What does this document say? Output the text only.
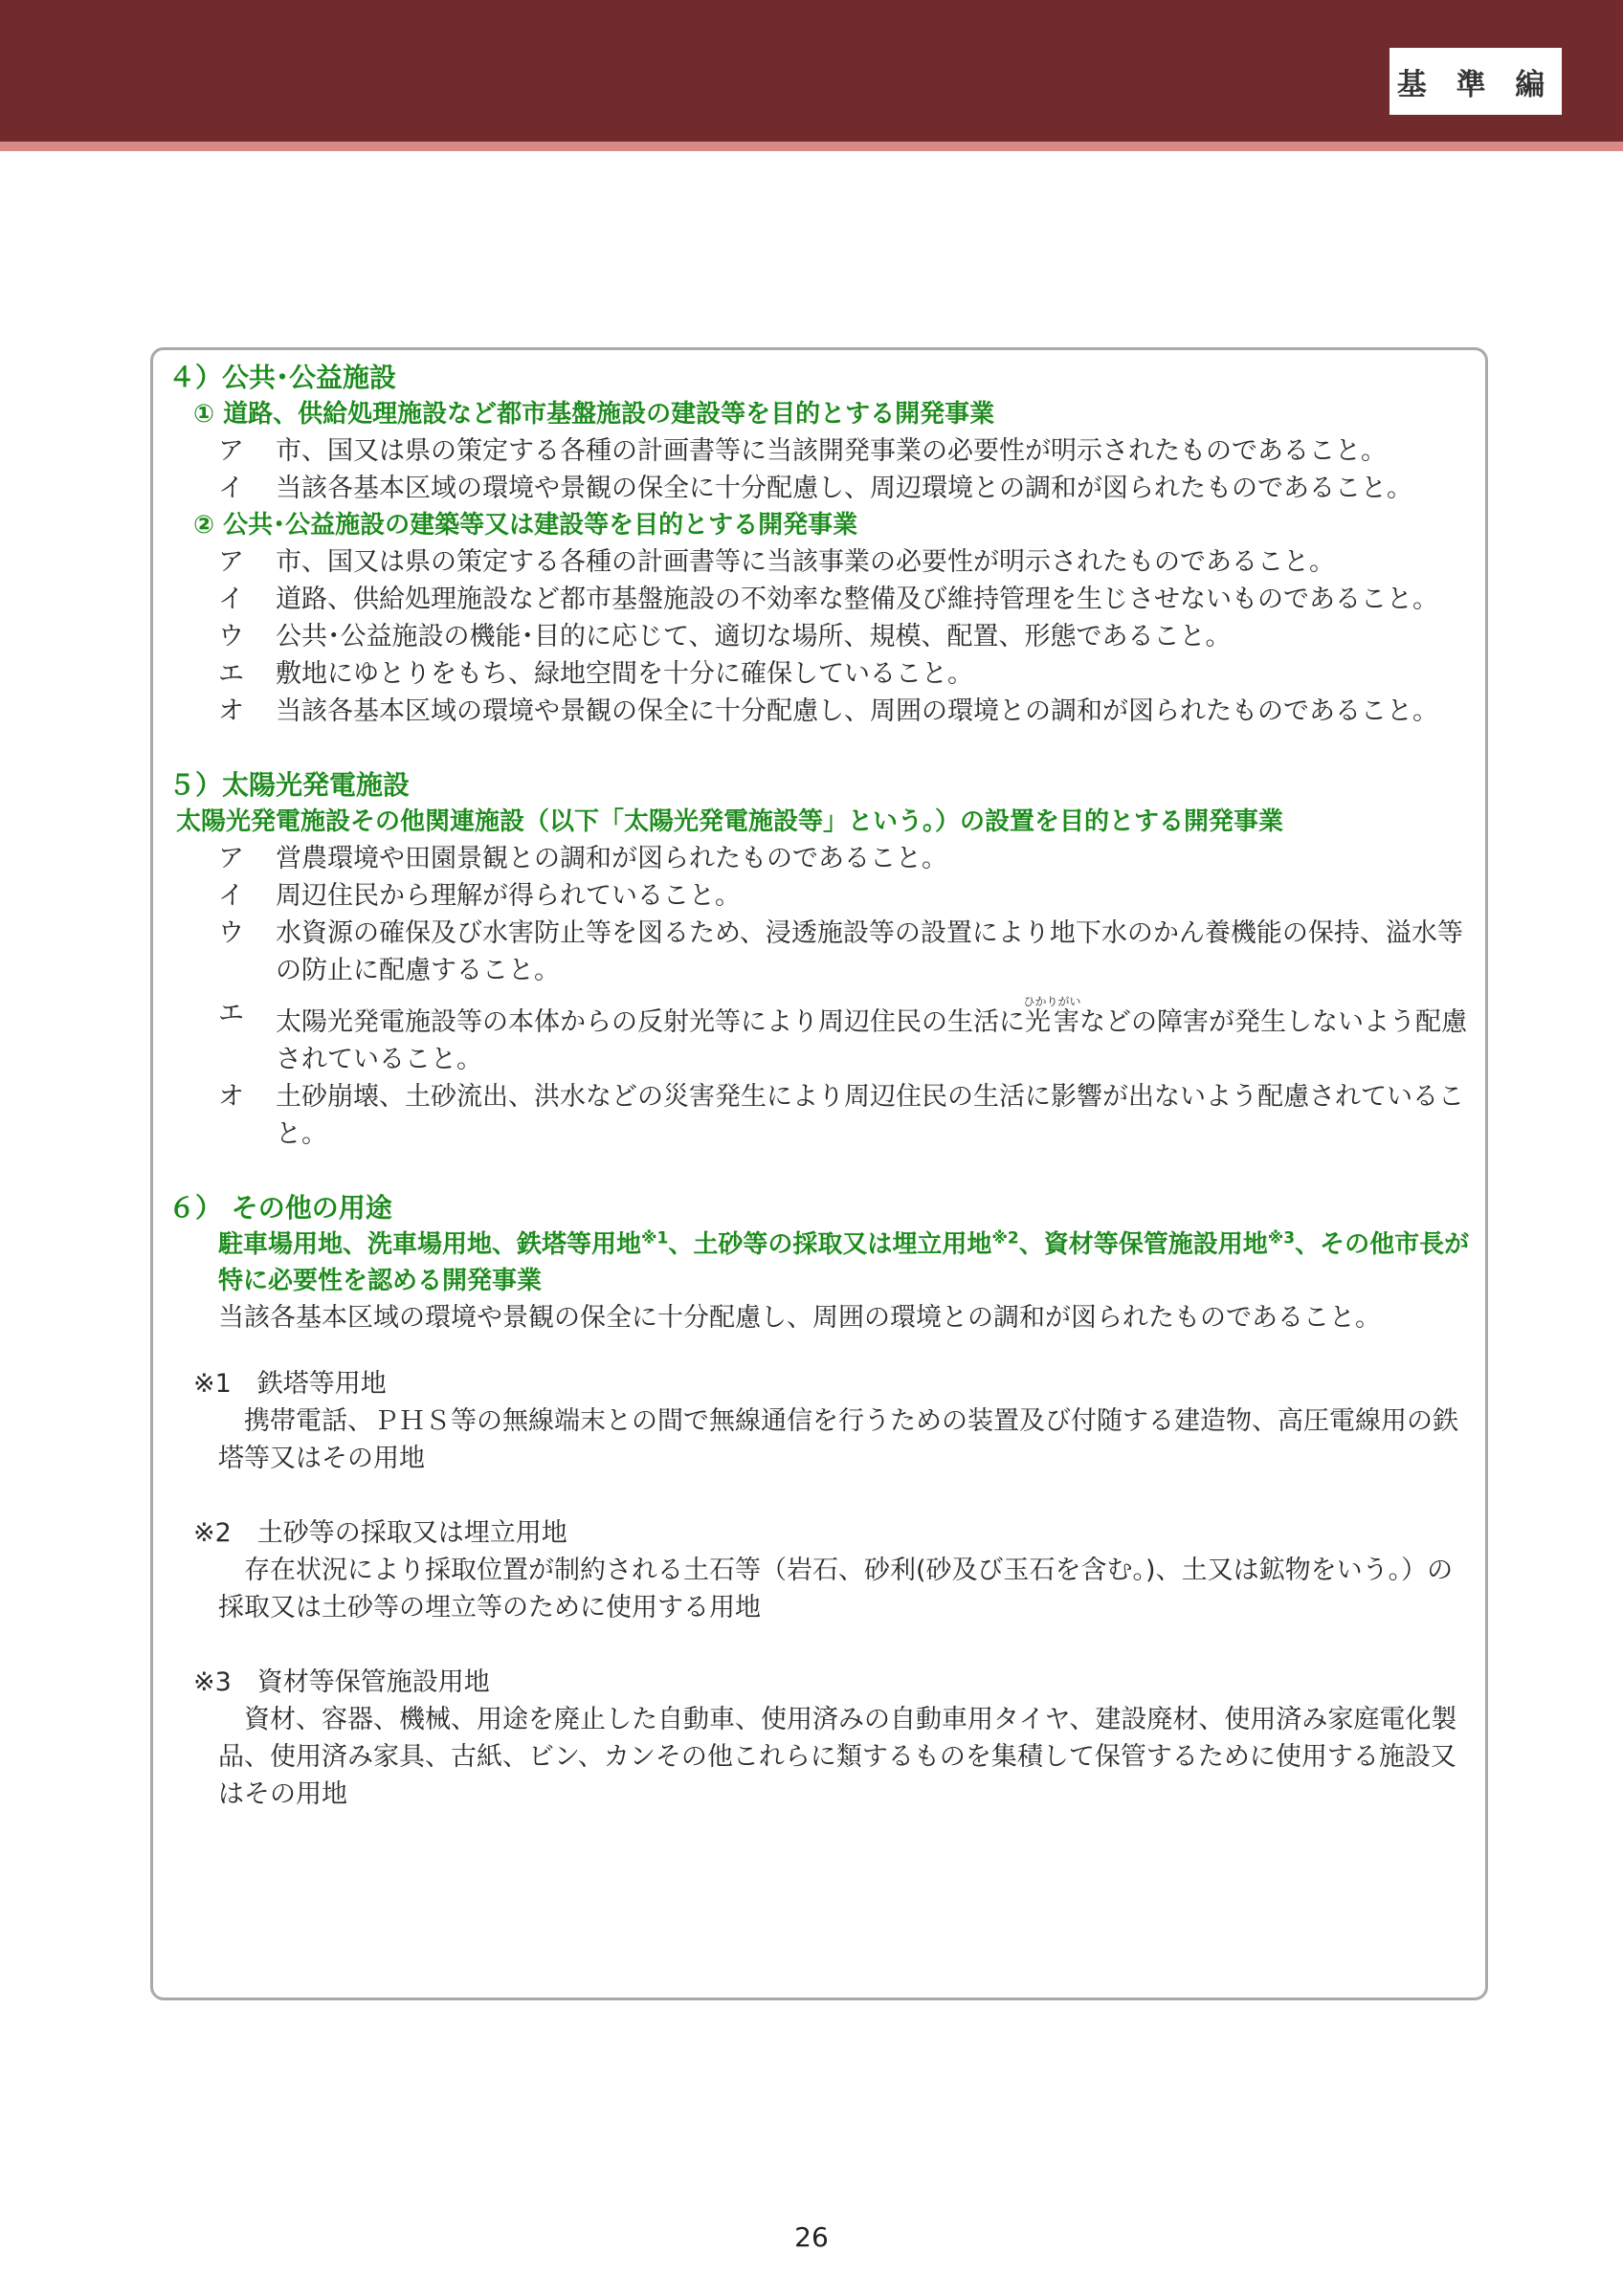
基 準 編
４）公共･公益施設
① 道路、供給処理施設など都市基盤施設の建設等を目的とする開発事業
ア	市、国又は県の策定する各種の計画書等に当該開発事業の必要性が明示されたものであること。
イ	当該各基本区域の環境や景観の保全に十分配慮し、周辺環境との調和が図られたものであること。
② 公共･公益施設の建築等又は建設等を目的とする開発事業
ア	市、国又は県の策定する各種の計画書等に当該事業の必要性が明示されたものであること。
イ	道路、供給処理施設など都市基盤施設の不効率な整備及び維持管理を生じさせないものであること。
ウ	公共･公益施設の機能･目的に応じて、適切な場所、規模、配置、形態であること。
エ	敷地にゆとりをもち、緑地空間を十分に確保していること。
オ	当該各基本区域の環境や景観の保全に十分配慮し、周囲の環境との調和が図られたものであること。
５）太陽光発電施設
太陽光発電施設その他関連施設（以下「太陽光発電施設等」という。）の設置を目的とする開発事業
ア	営農環境や田園景観との調和が図られたものであること。
イ	周辺住民から理解が得られていること。
ウ	水資源の確保及び水害防止等を図るため、浸透施設等の設置により地下水のかん養機能の保持、溢水等の防止に配慮すること。
エ	太陽光発電施設等の本体からの反射光等により周辺住民の生活に光害ひかりがいなどの障害が発生しないよう配慮されていること。
オ	土砂崩壊、土砂流出、洪水などの災害発生により周辺住民の生活に影響が出ないよう配慮されていること。
６） その他の用途
駐車場用地、洗車場用地、鉄塔等用地$^{※1}$、土砂等の採取又は埋立用地$^{※2}$、資材等保管施設用地$^{※3}$、その他市長が特に必要性を認める開発事業
当該各基本区域の環境や景観の保全に十分配慮し、周囲の環境との調和が図られたものであること。
※1　鉄塔等用地
　携帯電話、ＰＨＳ等の無線端末との間で無線通信を行うための装置及び付随する建造物、高圧電線用の鉄塔等又はその用地
※2　土砂等の採取又は埋立用地
　存在状況により採取位置が制約される土石等（岩石、砂利(砂及び玉石を含む。)、土又は鉱物をいう。）の採取又は土砂等の埋立等のために使用する用地
※3　資材等保管施設用地
　資材、容器、機械、用途を廃止した自動車、使用済みの自動車用タイヤ、建設廃材、使用済み家庭電化製品、使用済み家具、古紙、ビン、カンその他これらに類するものを集積して保管するために使用する施設又はその用地
26
